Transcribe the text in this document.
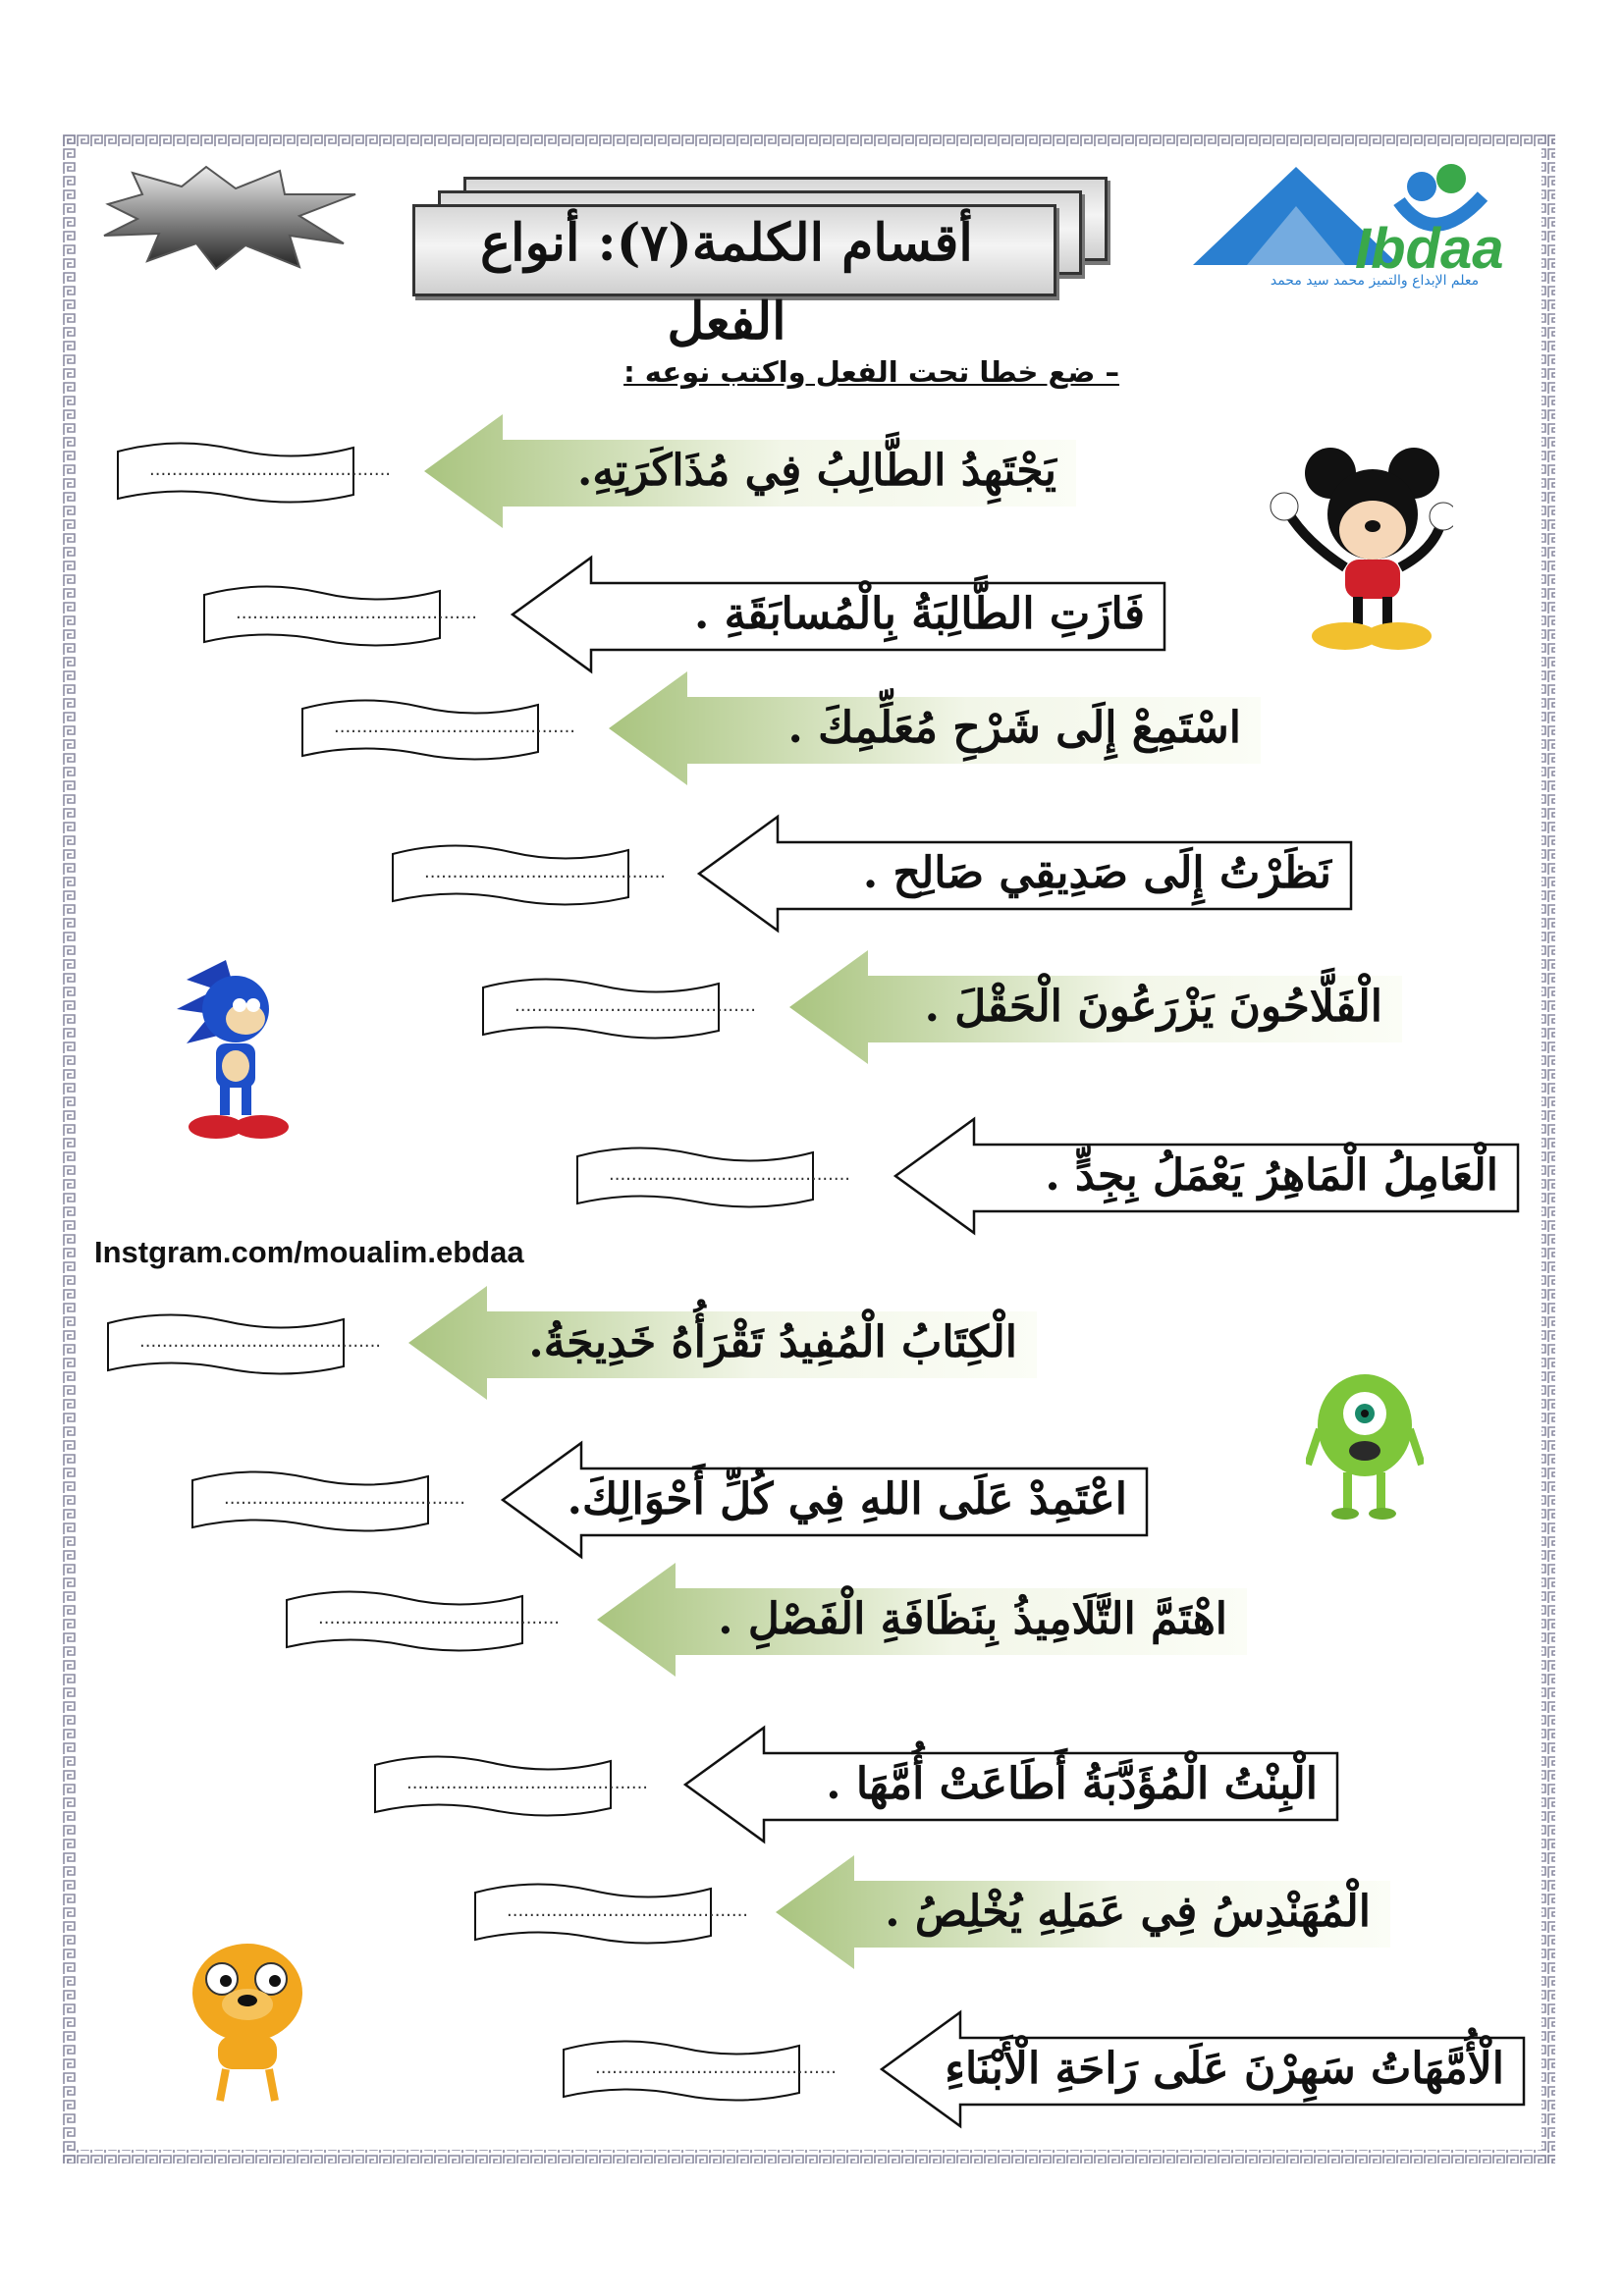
أقسام الكلمة(٧): أنواع الفعل
Ibdaa
معلم الإبداع والتميز محمد سيد محمد
– ضع خطا تحت الفعل واكتب نوعه :
Instgram.com/moualim.ebdaa
...........................................	يَجْتَهِدُ الطَّالِبُ فِي مُذَاكَرَتِهِ.
...........................................	فَازَتِ الطَّالِبَةُ بِالْمُسابَقَةِ .
...........................................	اسْتَمِعْ إِلَى شَرْحِ مُعَلِّمِكَ .
...........................................	نَظَرْتُ إِلَى صَدِيقِي صَالِح .
...........................................	الْفَلَّاحُونَ يَزْرَعُونَ الْحَقْلَ .
...........................................	الْعَامِلُ الْمَاهِرُ يَعْمَلُ بِجِدٍّ .
...........................................	الْكِتَابُ الْمُفِيدُ تَقْرَأُهُ خَدِيجَةُ.
........................................... اعْتَمِدْ عَلَى اللهِ فِي كُلِّ أَحْوَالِكَ.
...........................................	اهْتَمَّ التَّلَامِيذُ بِنَظَافَةِ الْفَصْلِ .
...........................................	الْبِنْتُ الْمُؤَدَّبَةُ أَطَاعَتْ أُمَّهَا .
...........................................	الْمُهَنْدِسُ فِي عَمَلِهِ يُخْلِصُ .
...........................................	الْأُمَّهَاتُ سَهِرْنَ عَلَى رَاحَةِ الْأَبْنَاءِ
